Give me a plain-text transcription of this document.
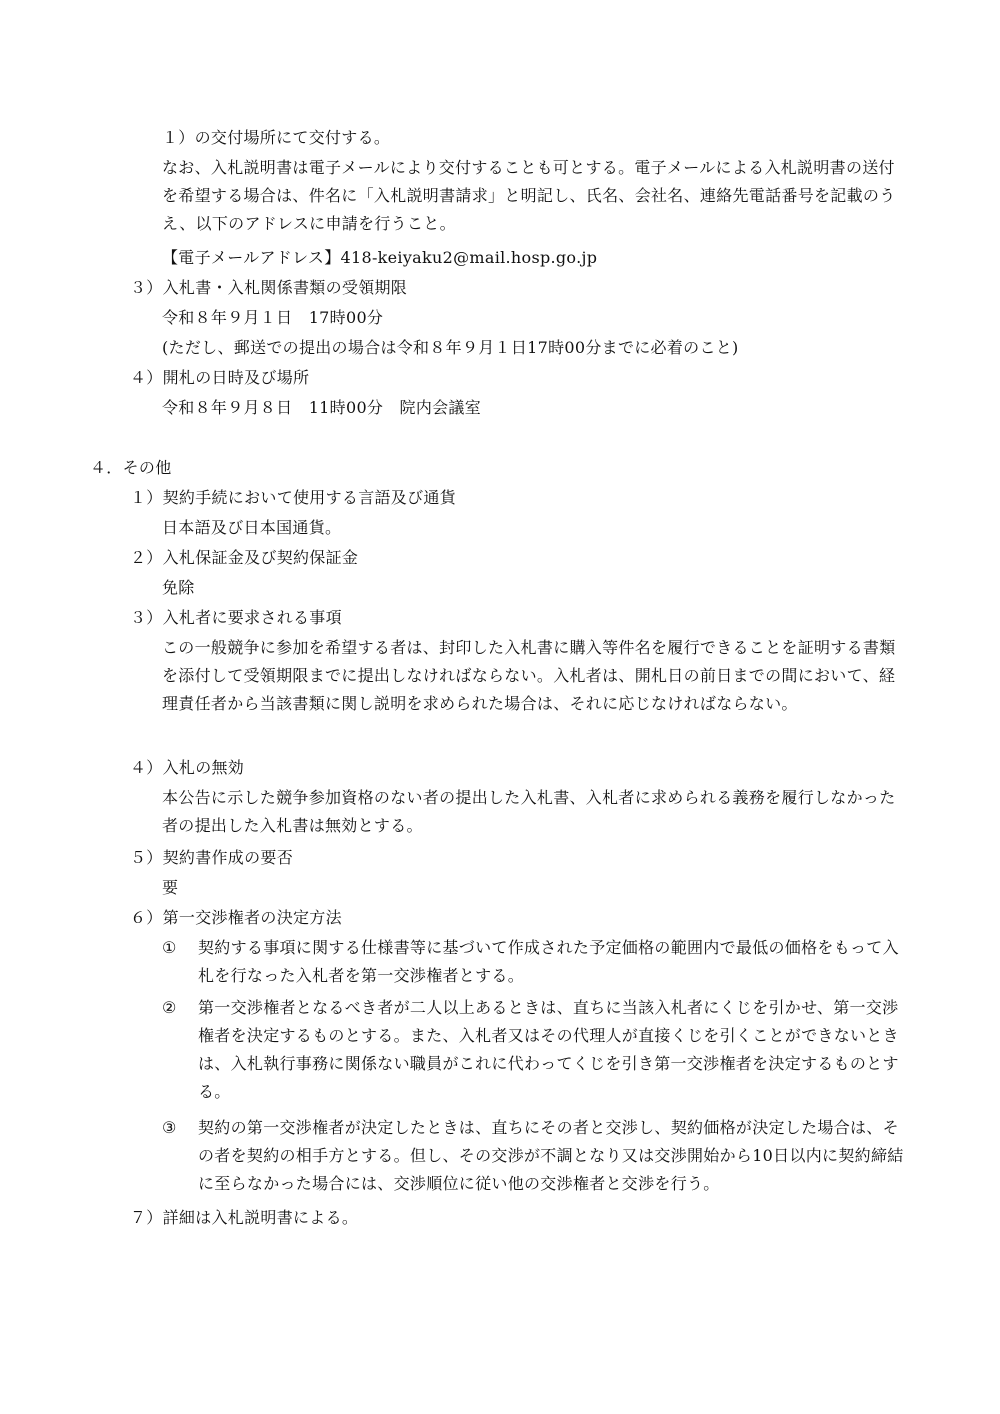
１）の交付場所にて交付する。
なお、入札説明書は電子メールにより交付することも可とする。電子メールによる入札説明書の送付を希望する場合は、件名に「入札説明書請求」と明記し、氏名、会社名、連絡先電話番号を記載のうえ、以下のアドレスに申請を行うこと。
【電子メールアドレス】418-keiyaku2@mail.hosp.go.jp
３）入札書・入札関係書類の受領期限
令和８年９月１日　17時00分
(ただし、郵送での提出の場合は令和８年９月１日17時00分までに必着のこと)
４）開札の日時及び場所
令和８年９月８日　11時00分　院内会議室
４．その他
１）契約手続において使用する言語及び通貨
日本語及び日本国通貨。
２）入札保証金及び契約保証金
免除
３）入札者に要求される事項
この一般競争に参加を希望する者は、封印した入札書に購入等件名を履行できることを証明する書類を添付して受領期限までに提出しなければならない。入札者は、開札日の前日までの間において、経理責任者から当該書類に関し説明を求められた場合は、それに応じなければならない。
４）入札の無効
本公告に示した競争参加資格のない者の提出した入札書、入札者に求められる義務を履行しなかった者の提出した入札書は無効とする。
５）契約書作成の要否
要
６）第一交渉権者の決定方法
① 契約する事項に関する仕様書等に基づいて作成された予定価格の範囲内で最低の価格をもって入札を行なった入札者を第一交渉権者とする。
② 第一交渉権者となるべき者が二人以上あるときは、直ちに当該入札者にくじを引かせ、第一交渉権者を決定するものとする。また、入札者又はその代理人が直接くじを引くことができないときは、入札執行事務に関係ない職員がこれに代わってくじを引き第一交渉権者を決定するものとする。
③ 契約の第一交渉権者が決定したときは、直ちにその者と交渉し、契約価格が決定した場合は、その者を契約の相手方とする。但し、その交渉が不調となり又は交渉開始から10日以内に契約締結に至らなかった場合には、交渉順位に従い他の交渉権者と交渉を行う。
７）詳細は入札説明書による。
